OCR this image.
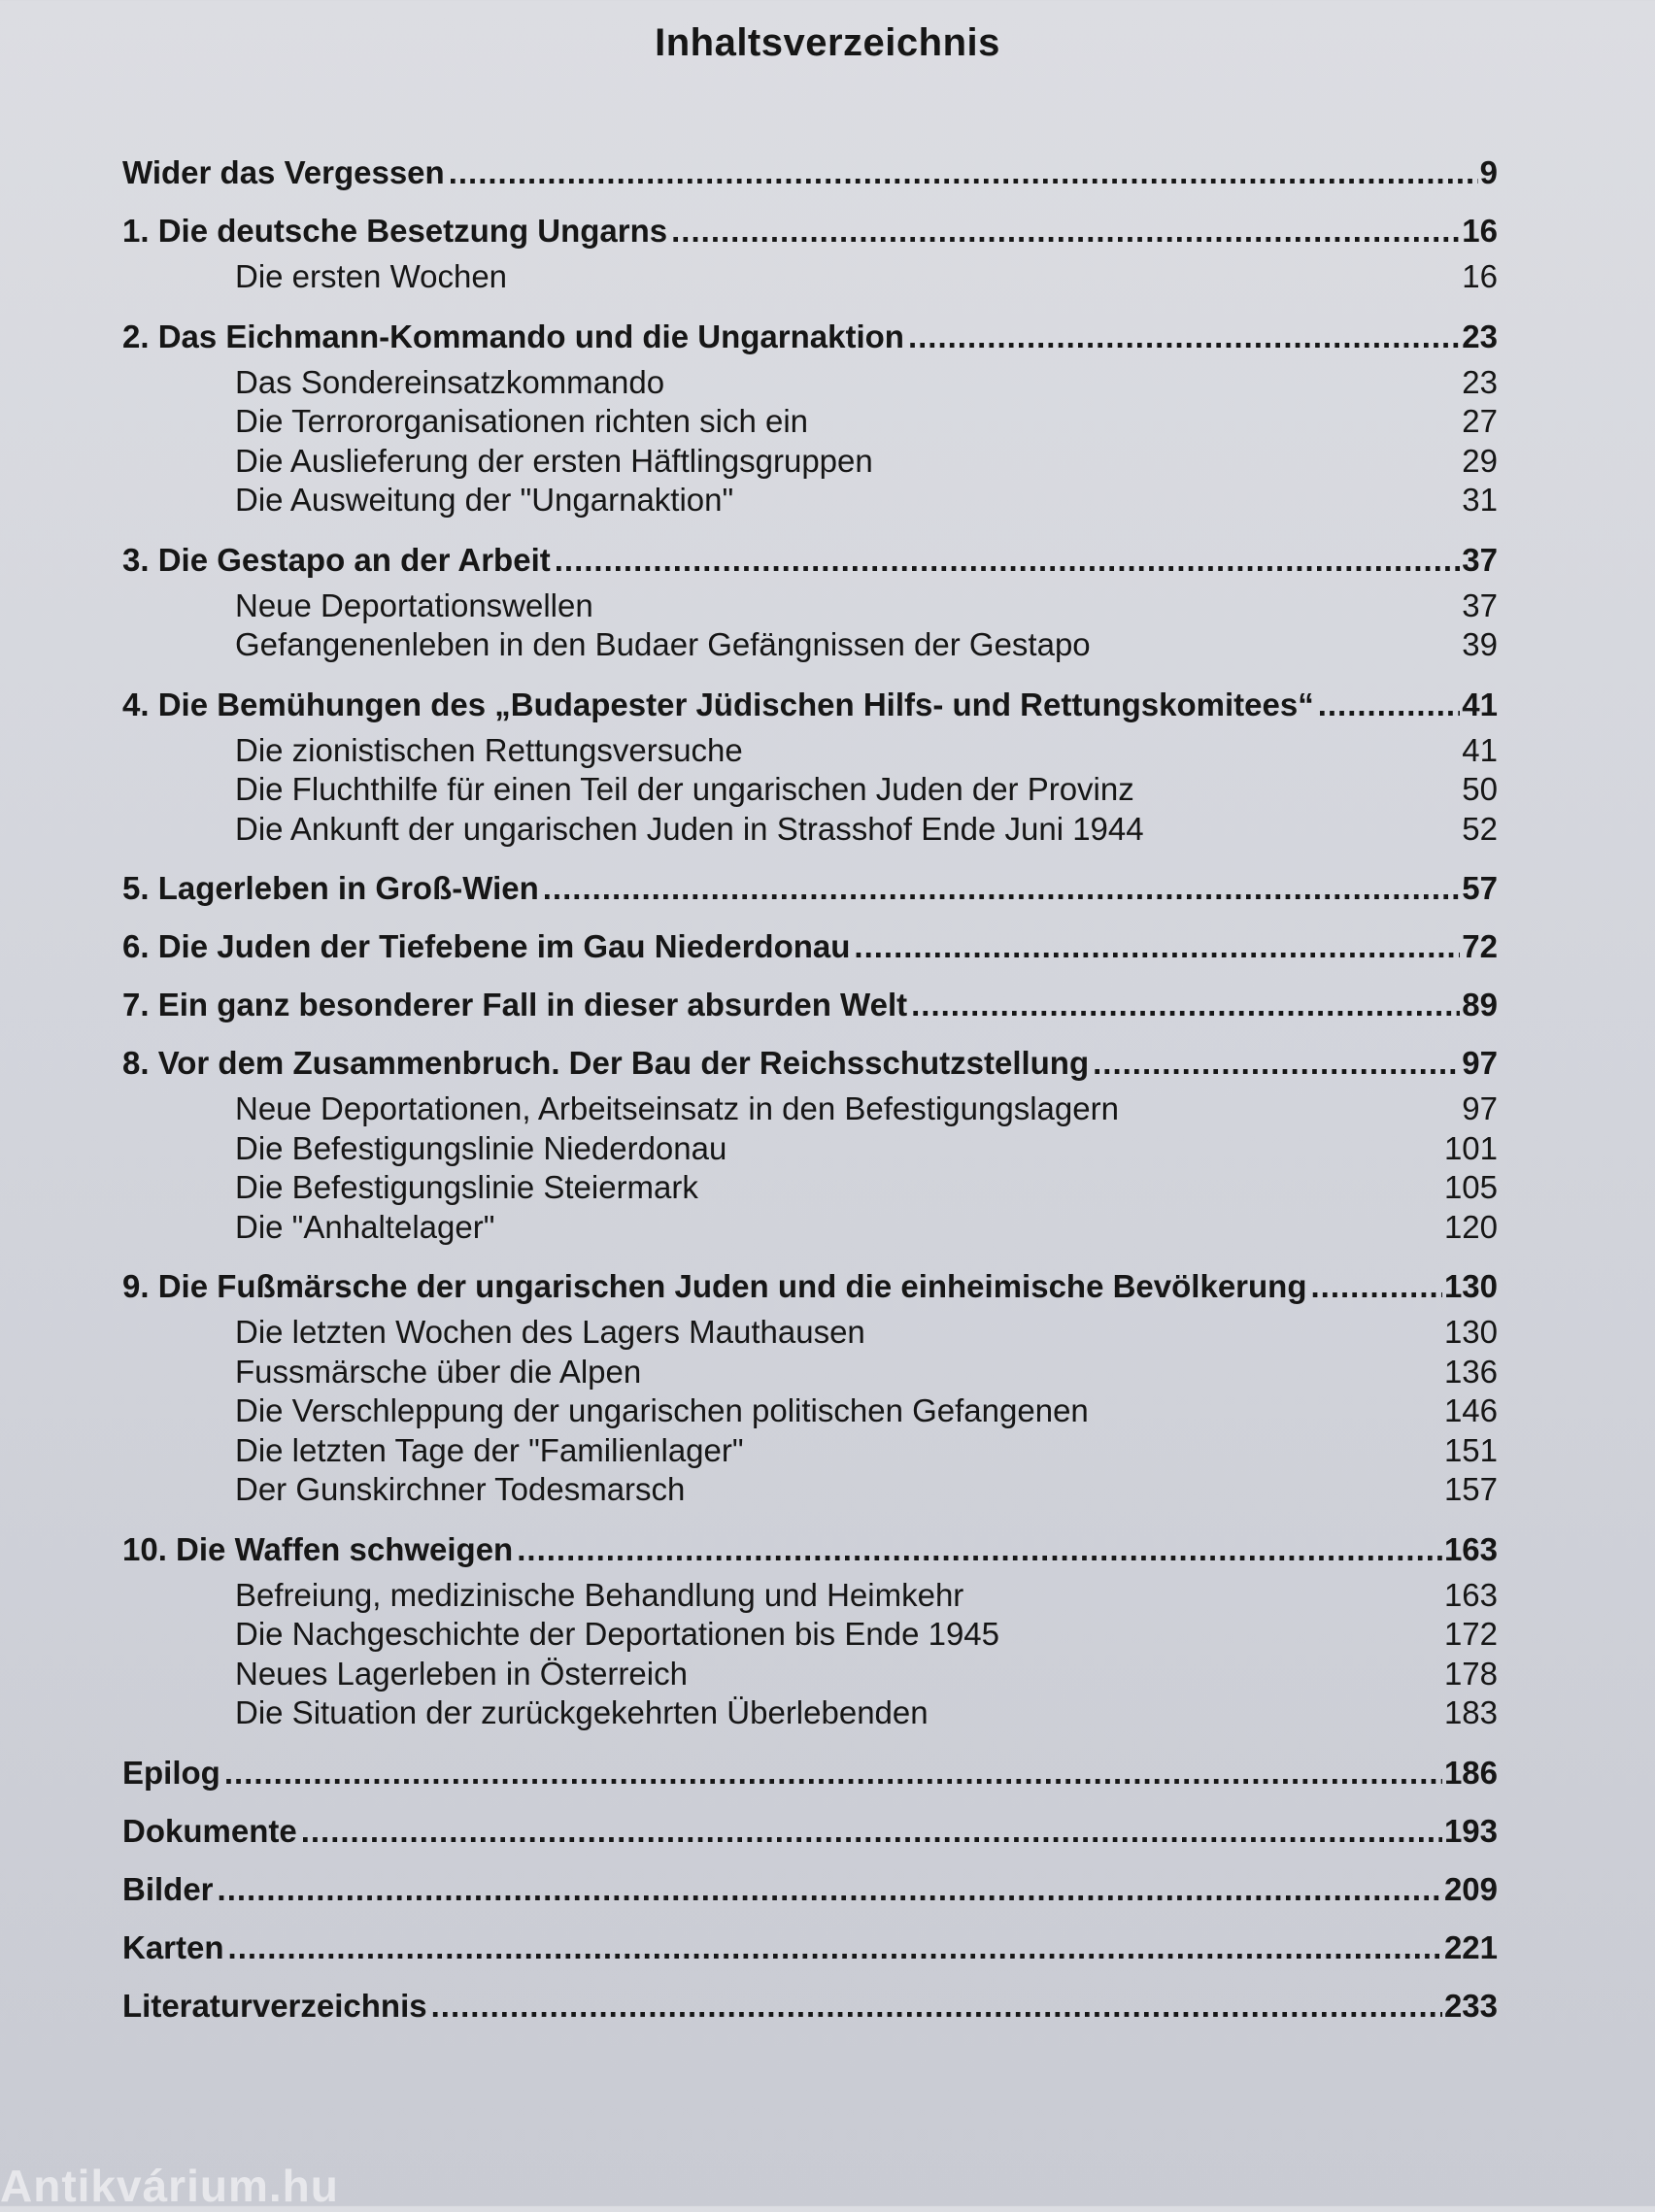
Inhaltsverzeichnis
Wider das Vergessen .....	9
1. Die deutsche Besetzung Ungarns .....	16
Die ersten Wochen	16
2. Das Eichmann-Kommando und die Ungarnaktion .....	23
Das Sondereinsatzkommando	23
Die Terrororganisationen richten sich ein	27
Die Auslieferung der ersten Häftlingsgruppen	29
Die Ausweitung der "Ungarnaktion"	31
3. Die Gestapo an der Arbeit .....	37
Neue Deportationswellen	37
Gefangenenleben in den Budaer Gefängnissen der Gestapo	39
4. Die Bemühungen des „Budapester Jüdischen Hilfs- und Rettungskomitees“ .....	41
Die zionistischen Rettungsversuche	41
Die Fluchthilfe für einen Teil der ungarischen Juden der Provinz	50
Die Ankunft der ungarischen Juden in Strasshof Ende Juni 1944	52
5. Lagerleben in Groß-Wien .....	57
6. Die Juden der Tiefebene im Gau Niederdonau .....	72
7. Ein ganz besonderer Fall in dieser absurden Welt .....	89
8. Vor dem Zusammenbruch. Der Bau der Reichsschutzstellung .....	97
Neue Deportationen, Arbeitseinsatz in den Befestigungslagern	97
Die Befestigungslinie Niederdonau	101
Die Befestigungslinie Steiermark	105
Die "Anhaltelager"	120
9. Die Fußmärsche der ungarischen Juden und die einheimische Bevölkerung .....	130
Die letzten Wochen des Lagers Mauthausen	130
Fussmärsche über die Alpen	136
Die Verschleppung der ungarischen politischen Gefangenen	146
Die letzten Tage der "Familienlager"	151
Der Gunskirchner Todesmarsch	157
10. Die Waffen schweigen .....	163
Befreiung, medizinische Behandlung und Heimkehr	163
Die Nachgeschichte der Deportationen bis Ende 1945	172
Neues Lagerleben in Österreich	178
Die Situation der zurückgekehrten Überlebenden	183
Epilog .....	186
Dokumente .....	193
Bilder .....	209
Karten .....	221
Literaturverzeichnis .....	233
Antikvárium.hu
